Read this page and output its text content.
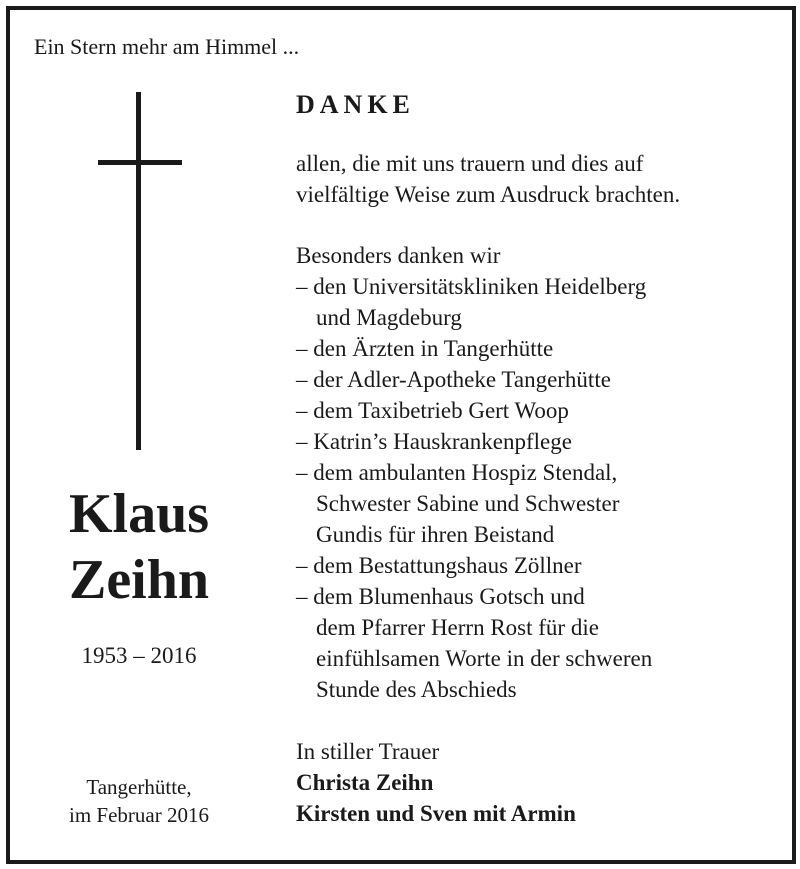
Ein Stern mehr am Himmel ...
Klaus
Zeihn
1953 – 2016
Tangerhütte,
im Februar 2016
DANKE
allen, die mit uns trauern und dies auf
vielfältige Weise zum Ausdruck brachten.
Besonders danken wir
– den Universitätskliniken Heidelberg
und Magdeburg
– den Ärzten in Tangerhütte
– der Adler-Apotheke Tangerhütte
– dem Taxibetrieb Gert Woop
– Katrin’s Hauskrankenpflege
– dem ambulanten Hospiz Stendal,
Schwester Sabine und Schwester
Gundis für ihren Beistand
– dem Bestattungshaus Zöllner
– dem Blumenhaus Gotsch und
dem Pfarrer Herrn Rost für die
einfühlsamen Worte in der schweren
Stunde des Abschieds
In stiller Trauer
Christa Zeihn
Kirsten und Sven mit Armin
